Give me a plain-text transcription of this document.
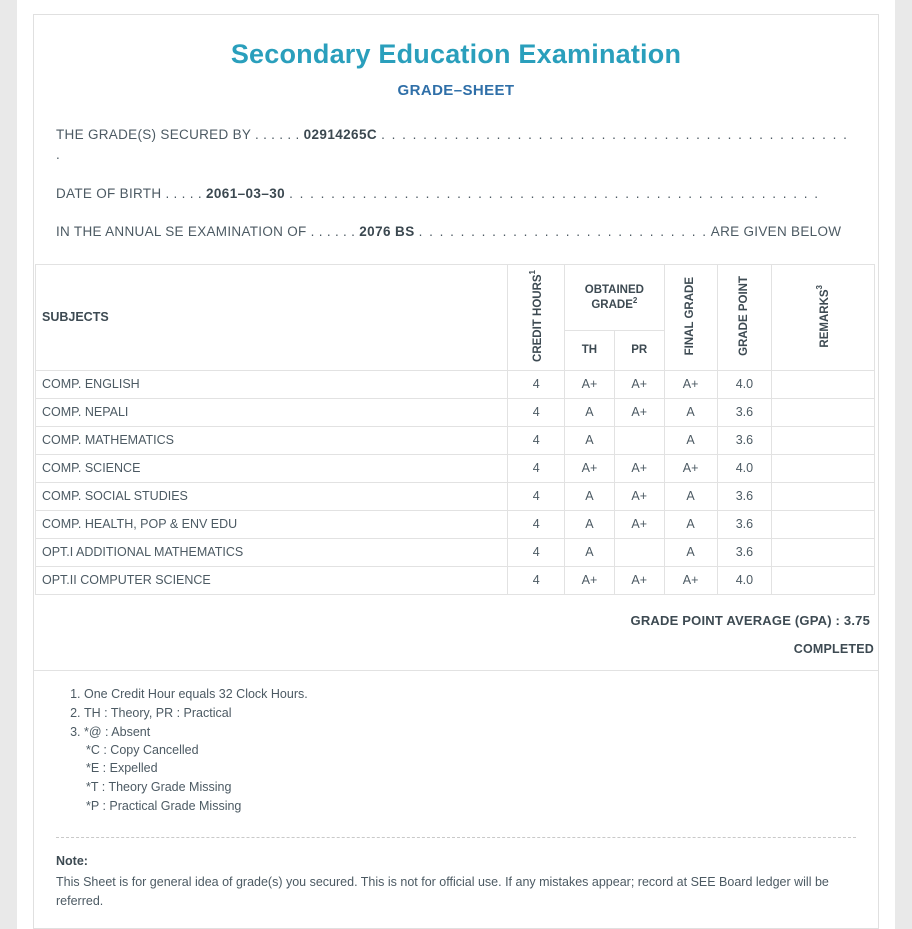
Secondary Education Examination
GRADE–SHEET
THE GRADE(S) SECURED BY . . . . . . 02914265C . . . . . . . . . . . . . . . . . . . . . . . . . . . . . . . . . . . . . . . . . . . . . .
DATE OF BIRTH . . . . . 2061–03–30 . . . . . . . . . . . . . . . . . . . . . . . . . . . . . . . . . . . . . . . . . . . . . . . . . . .
IN THE ANNUAL SE EXAMINATION OF . . . . . . 2076 BS . . . . . . . . . . . . . . . . . . . . . . . . . . . . ARE GIVEN BELOW
SUBJECTS	CREDIT HOURS$^1$	OBTAINED GRADE$^2$		FINAL GRADE	GRADE POINT	REMARKS$^3$
		TH	PR			
COMP. ENGLISH	4	A+	A+	A+	4.0	
COMP. NEPALI	4	A	A+	A	3.6	
COMP. MATHEMATICS	4	A		A	3.6	
COMP. SCIENCE	4	A+	A+	A+	4.0	
COMP. SOCIAL STUDIES	4	A	A+	A	3.6	
COMP. HEALTH, POP & ENV EDU	4	A	A+	A	3.6	
OPT.I ADDITIONAL MATHEMATICS	4	A		A	3.6	
OPT.II COMPUTER SCIENCE	4	A+	A+	A+	4.0	
GRADE POINT AVERAGE (GPA) : 3.75
COMPLETED
1. One Credit Hour equals 32 Clock Hours.
2. TH : Theory, PR : Practical
3. *@ : Absent
*C : Copy Cancelled
*E : Expelled
*T : Theory Grade Missing
*P : Practical Grade Missing
Note:
This Sheet is for general idea of grade(s) you secured. This is not for official use. If any mistakes appear; record at SEE Board ledger will be referred.
